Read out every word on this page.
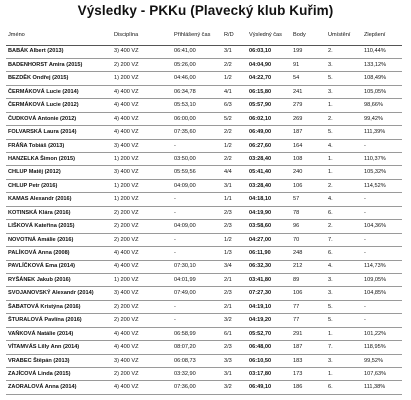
Výsledky - PKKu (Plavecký klub Kuřim)
Jméno	Disciplína	Přihlášený čas	R/D	Výsledný čas	Body	Umístění	Zlepšení
BABÁK Albert (2013)	3) 400 VZ	06:41,00	3/1	06:03,10	199	2.	110,44%
BADENHORST Amira (2015)	2) 200 VZ	05:26,00	2/2	04:04,90	91	3.	133,12%
BEZDĚK Ondřej (2015)	1) 200 VZ	04:46,00	1/2	04:22,70	54	5.	108,49%
ČERMÁKOVÁ Lucie (2014)	4) 400 VZ	06:34,78	4/1	06:15,80	241	3.	105,05%
ČERMÁKOVÁ Lucie (2012)	4) 400 VZ	05:53,10	6/3	05:57,90	279	1.	98,66%
ČUDKOVÁ Antonie (2012)	4) 400 VZ	06:00,00	5/2	06:02,10	269	2.	99,42%
FOLVARSKÁ Laura (2014)	4) 400 VZ	07:35,60	2/2	06:49,00	187	5.	111,39%
FRÁŇA Tobiáš (2013)	3) 400 VZ	-	1/2	06:27,60	164	4.	-
HANZELKA Šimon (2015)	1) 200 VZ	03:50,00	2/2	03:28,40	108	1.	110,37%
CHLUP Matěj (2012)	3) 400 VZ	05:59,56	4/4	05:41,40	240	1.	105,32%
CHLUP Petr (2016)	1) 200 VZ	04:09,00	3/1	03:28,40	106	2.	114,52%
KAMAS Alexandr (2016)	1) 200 VZ	-	1/1	04:18,10	57	4.	-
KOTINSKÁ Klára (2016)	2) 200 VZ	-	2/3	04:19,90	78	6.	-
LIŠKOVÁ Kateřina (2015)	2) 200 VZ	04:09,00	2/3	03:58,60	96	2.	104,36%
NOVOTNÁ Amálie (2016)	2) 200 VZ	-	1/2	04:27,00	70	7.	-
PALÍKOVÁ Anna (2008)	4) 400 VZ	-	1/3	06:11,90	248	6.	-
PAVLÍČKOVÁ Ema (2014)	4) 400 VZ	07:30,10	3/4	06:32,30	212	4.	114,73%
RYŠÁNEK Jakub (2016)	1) 200 VZ	04:01,99	2/1	03:41,80	89	3.	109,05%
SVOJANOVSKÝ Alexandr (2014)	3) 400 VZ	07:49,00	2/3	07:27,30	106	3.	104,85%
ŠABATOVÁ Kristýna (2016)	2) 200 VZ	-	2/1	04:19,10	77	5.	-
ŠTURALOVÁ Pavlína (2016)	2) 200 VZ	-	3/2	04:19,20	77	5.	-
VAŇKOVÁ Natálie (2014)	4) 400 VZ	06:58,99	6/1	05:52,70	291	1.	101,22%
VÍTAMVÁS Lilly Ann (2014)	4) 400 VZ	08:07,20	2/3	06:48,00	187	7.	118,95%
VRABEC Štěpán (2013)	3) 400 VZ	06:08,73	3/3	06:10,50	183	3.	99,52%
ZAJÍCOVÁ Linda (2015)	2) 200 VZ	03:32,90	3/1	03:17,80	173	1.	107,63%
ZAORALOVÁ Anna (2014)	4) 400 VZ	07:36,00	3/2	06:49,10	186	6.	111,38%
